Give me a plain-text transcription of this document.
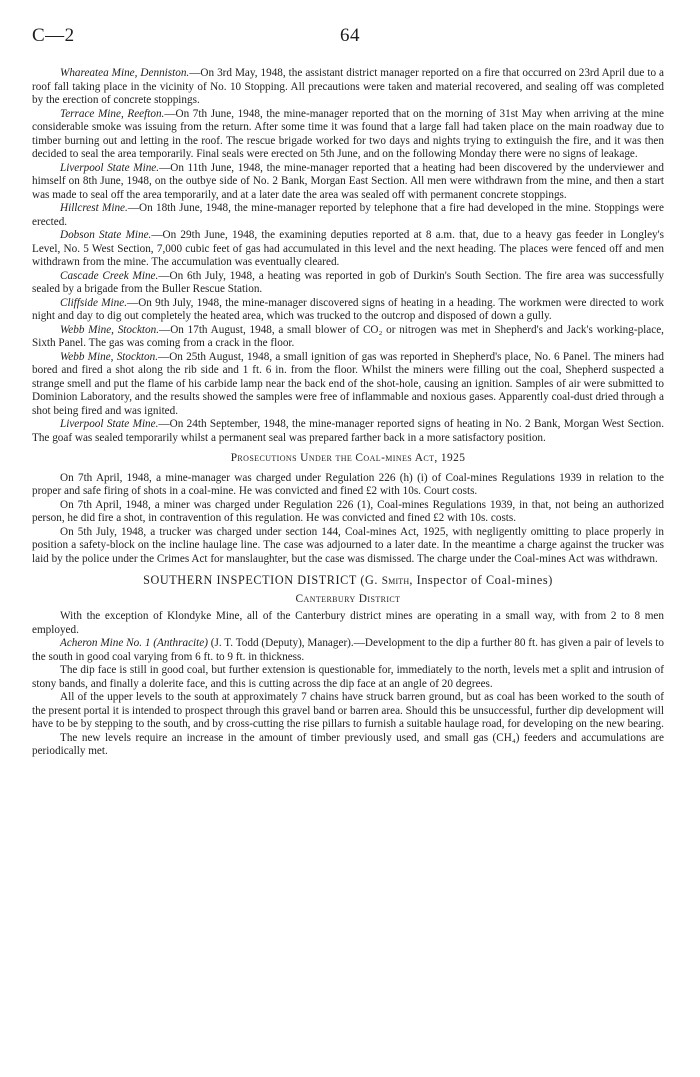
C—2	64

Whareatea Mine, Denniston.—On 3rd May, 1948, the assistant district manager reported on a fire that occurred on 23rd April due to a roof fall taking place in the vicinity of No. 10 Stopping. All precautions were taken and material recovered, and sealing off was completed by the erection of concrete stoppings.

Terrace Mine, Reefton.—On 7th June, 1948, the mine-manager reported that on the morning of 31st May when arriving at the mine considerable smoke was issuing from the return. After some time it was found that a large fall had taken place on the main roadway due to timber burning out and letting in the roof. The rescue brigade worked for two days and nights trying to extinguish the fire, and it was then decided to seal the area temporarily. Final seals were erected on 5th June, and on the following Monday there were no signs of leakage.

Liverpool State Mine.—On 11th June, 1948, the mine-manager reported that a heating had been discovered by the underviewer and himself on 8th June, 1948, on the outbye side of No. 2 Bank, Morgan East Section. All men were withdrawn from the mine, and then a start was made to seal off the area temporarily, and at a later date the area was sealed off with permanent concrete stoppings.

Hillcrest Mine.—On 18th June, 1948, the mine-manager reported by telephone that a fire had developed in the mine. Stoppings were erected.

Dobson State Mine.—On 29th June, 1948, the examining deputies reported at 8 a.m. that, due to a heavy gas feeder in Longley's Level, No. 5 West Section, 7,000 cubic feet of gas had accumulated in this level and the next heading. The places were fenced off and men withdrawn from the mine. The accumulation was eventually cleared.

Cascade Creek Mine.—On 6th July, 1948, a heating was reported in gob of Durkin's South Section. The fire area was successfully sealed by a brigade from the Buller Rescue Station.

Cliffside Mine.—On 9th July, 1948, the mine-manager discovered signs of heating in a heading. The workmen were directed to work night and day to dig out completely the heated area, which was trucked to the outcrop and disposed of down a gully.

Webb Mine, Stockton.—On 17th August, 1948, a small blower of CO₂ or nitrogen was met in Shepherd's and Jack's working-place, Sixth Panel. The gas was coming from a crack in the floor.

Webb Mine, Stockton.—On 25th August, 1948, a small ignition of gas was reported in Shepherd's place, No. 6 Panel. The miners had bored and fired a shot along the rib side and 1 ft. 6 in. from the floor. Whilst the miners were filling out the coal, Shepherd suspected a strange smell and put the flame of his carbide lamp near the back end of the shot-hole, causing an ignition. Samples of air were submitted to Dominion Laboratory, and the results showed the samples were free of inflammable and noxious gases. Apparently coal-dust dried through a shot being fired and was ignited.

Liverpool State Mine.—On 24th September, 1948, the mine-manager reported signs of heating in No. 2 Bank, Morgan West Section. The goaf was sealed temporarily whilst a permanent seal was prepared farther back in a more satisfactory position.

Prosecutions Under the Coal-mines Act, 1925

On 7th April, 1948, a mine-manager was charged under Regulation 226 (h) (i) of Coal-mines Regulations 1939 in relation to the proper and safe firing of shots in a coal-mine. He was convicted and fined £2 with 10s. Court costs.

On 7th April, 1948, a miner was charged under Regulation 226 (1), Coal-mines Regulations 1939, in that, not being an authorized person, he did fire a shot, in contravention of this regulation. He was convicted and fined £2 with 10s. costs.

On 5th July, 1948, a trucker was charged under section 144, Coal-mines Act, 1925, with negligently omitting to place properly in position a safety-block on the incline haulage line. The case was adjourned to a later date. In the meantime a charge against the trucker was laid by the police under the Crimes Act for manslaughter, but the case was dismissed. The charge under the Coal-mines Act was withdrawn.

SOUTHERN INSPECTION DISTRICT (G. Smith, Inspector of Coal-mines)
Canterbury District

With the exception of Klondyke Mine, all of the Canterbury district mines are operating in a small way, with from 2 to 8 men employed.

Acheron Mine No. 1 (Anthracite) (J. T. Todd (Deputy), Manager).—Development to the dip a further 80 ft. has given a pair of levels to the south in good coal varying from 6 ft. to 9 ft. in thickness.

The dip face is still in good coal, but further extension is questionable for, immediately to the north, levels met a split and intrusion of stony bands, and finally a dolerite face, and this is cutting across the dip face at an angle of 20 degrees.

All of the upper levels to the south at approximately 7 chains have struck barren ground, but as coal has been worked to the south of the present portal it is intended to prospect through this gravel band or barren area. Should this be unsuccessful, further dip development will have to be by stepping to the south, and by cross-cutting the rise pillars to furnish a suitable haulage road, for developing on the new bearing.

The new levels require an increase in the amount of timber previously used, and small gas (CH₄) feeders and accumulations are periodically met.
